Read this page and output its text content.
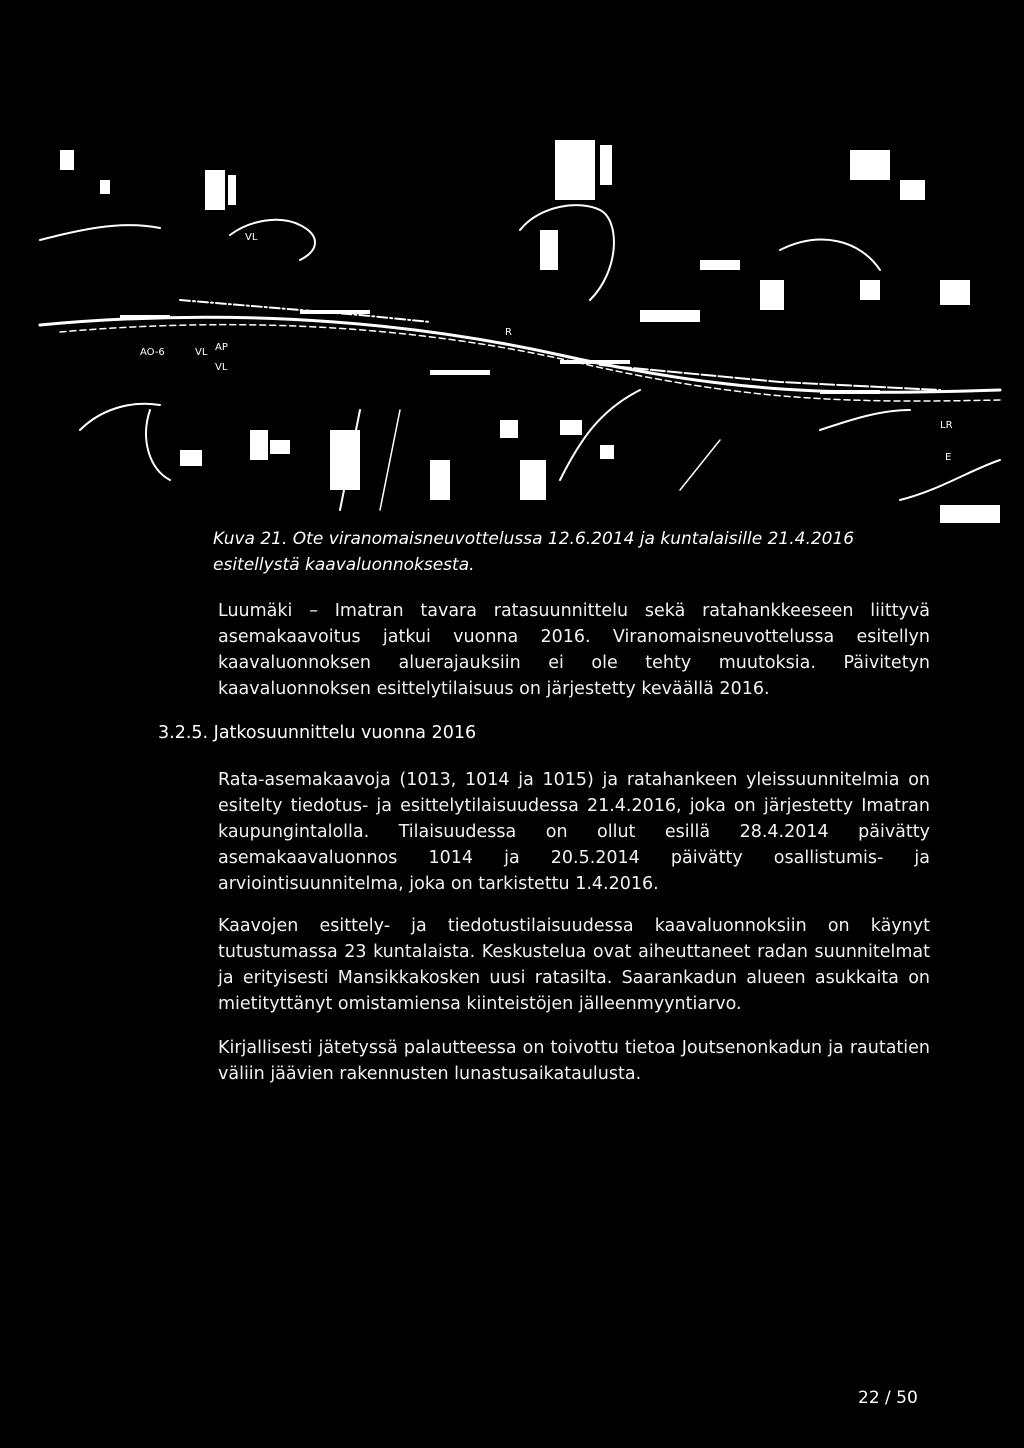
VL
AO-6	VL AP
R
VL
E
LR
Kuva 21. Ote viranomaisneuvottelussa 12.6.2014 ja kuntalaisille 21.4.2016 esitellystä kaavaluonnoksesta.

Luumäki – Imatran tavara ratasuunnittelu sekä ratahankkeeseen liittyvä asemakaavoitus jatkui vuonna 2016. Viranomaisneuvottelussa esitellyn kaavaluonnoksen aluerajauksiin ei ole tehty muutoksia. Päivitetyn kaavaluonnoksen esittelytilaisuus on järjestetty keväällä 2016.

3.2.5. Jatkosuunnittelu vuonna 2016

Rata-asemakaavoja (1013, 1014 ja 1015) ja ratahankeen yleissuunnitelmia on esitelty tiedotus- ja esittelytilaisuudessa 21.4.2016, joka on järjestetty Imatran kaupungintalolla. Tilaisuudessa on ollut esillä 28.4.2014 päivätty asemakaavaluonnos 1014 ja 20.5.2014 päivätty osallistumis- ja arviointisuunnitelma, joka on tarkistettu 1.4.2016.

Kaavojen esittely- ja tiedotustilaisuudessa kaavaluonnoksiin on käynyt tutustumassa 23 kuntalaista. Keskustelua ovat aiheuttaneet radan suunnitelmat ja erityisesti Mansikkakosken uusi ratasilta. Saarankadun alueen asukkaita on mietityttänyt omistamiensa kiinteistöjen jälleenmyyntiarvo.

Kirjallisesti jätetyssä palautteessa on toivottu tietoa Joutsenonkadun ja rautatien väliin jäävien rakennusten lunastusaikataulusta.

22 / 50
